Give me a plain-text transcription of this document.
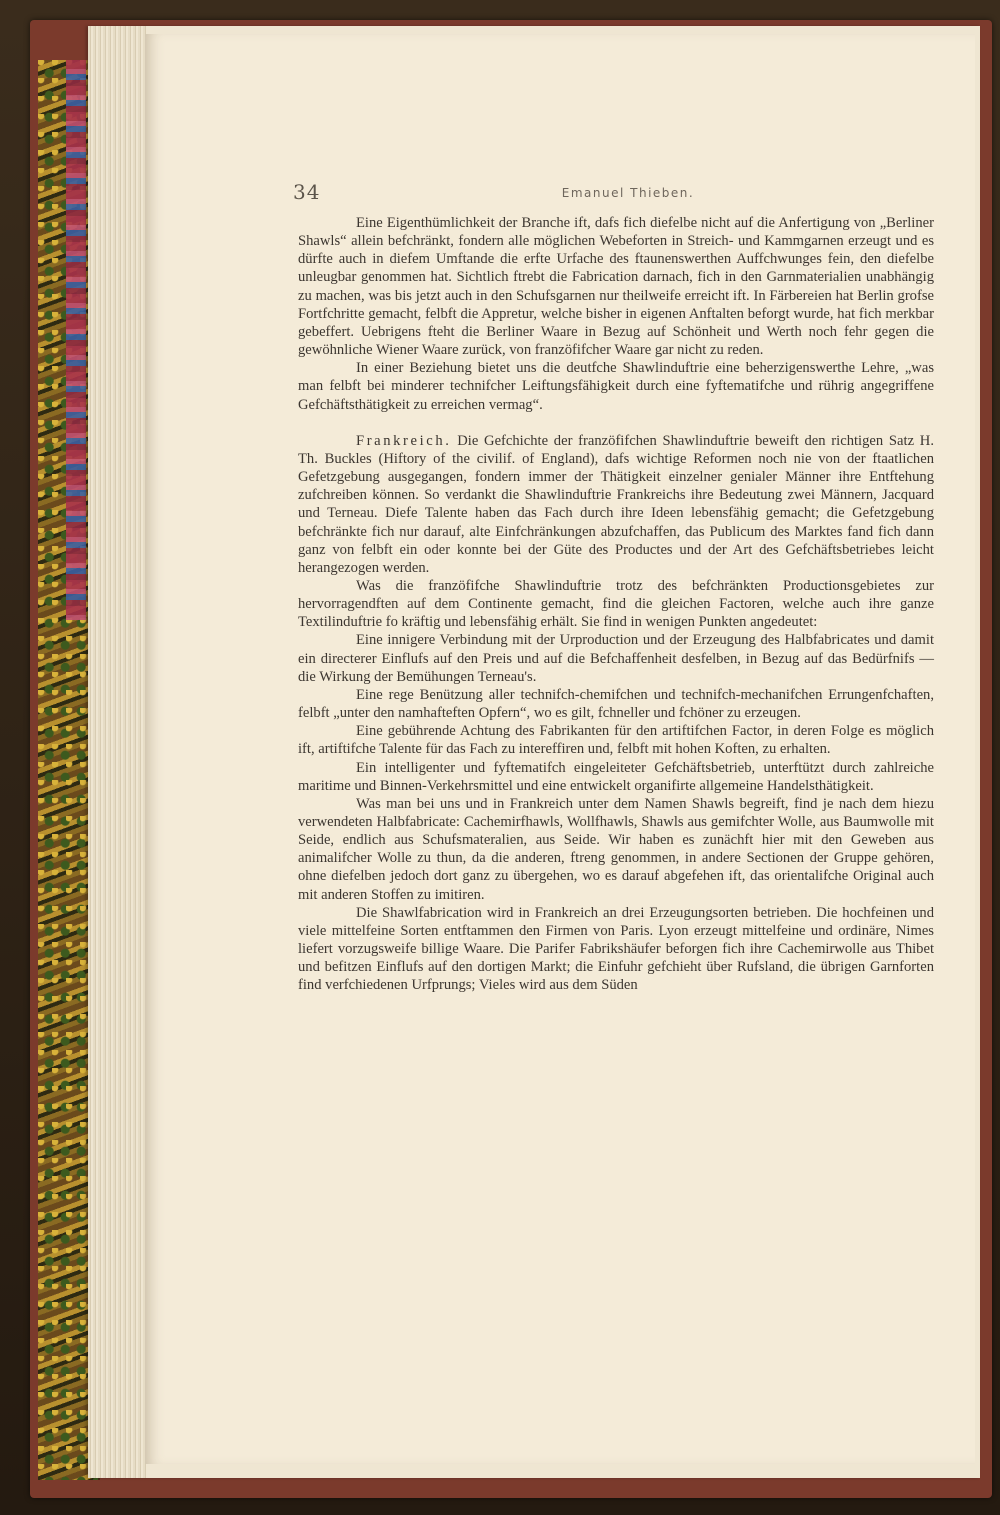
34	Emanuel Thieben.

Eine Eigenthümlichkeit der Branche ift, dafs fich diefelbe nicht auf die Anfertigung von „Berliner Shawls“ allein befchränkt, fondern alle möglichen Webeforten in Streich- und Kammgarnen erzeugt und es dürfte auch in diefem Umftande die erfte Urfache des ftaunenswerthen Auffchwunges fein, den diefelbe unleugbar genommen hat. Sichtlich ftrebt die Fabrication darnach, fich in den Garnmaterialien unabhängig zu machen, was bis jetzt auch in den Schufsgarnen nur theilweife erreicht ift. In Färbereien hat Berlin grofse Fortfchritte gemacht, felbft die Appretur, welche bisher in eigenen Anftalten beforgt wurde, hat fich merkbar gebeffert. Uebrigens fteht die Berliner Waare in Bezug auf Schönheit und Werth noch fehr gegen die gewöhnliche Wiener Waare zurück, von franzöfifcher Waare gar nicht zu reden.

In einer Beziehung bietet uns die deutfche Shawlinduftrie eine beherzigenswerthe Lehre, „was man felbft bei minderer technifcher Leiftungsfähigkeit durch eine fyftematifche und rührig angegriffene Gefchäftsthätigkeit zu erreichen vermag“.

Frankreich. Die Gefchichte der franzöfifchen Shawlinduftrie beweift den richtigen Satz H. Th. Buckles (Hiftory of the civilif. of England), dafs wichtige Reformen noch nie von der ftaatlichen Gefetzgebung ausgegangen, fondern immer der Thätigkeit einzelner genialer Männer ihre Entftehung zufchreiben können. So verdankt die Shawlinduftrie Frankreichs ihre Bedeutung zwei Männern, Jacquard und Terneau. Diefe Talente haben das Fach durch ihre Ideen lebensfähig gemacht; die Gefetzgebung befchränkte fich nur darauf, alte Einfchränkungen abzufchaffen, das Publicum des Marktes fand fich dann ganz von felbft ein oder konnte bei der Güte des Productes und der Art des Gefchäftsbetriebes leicht herangezogen werden.

Was die franzöfifche Shawlinduftrie trotz des befchränkten Productionsgebietes zur hervorragendften auf dem Continente gemacht, find die gleichen Factoren, welche auch ihre ganze Textilinduftrie fo kräftig und lebensfähig erhält. Sie find in wenigen Punkten angedeutet:

Eine innigere Verbindung mit der Urproduction und der Erzeugung des Halbfabricates und damit ein directerer Einflufs auf den Preis und auf die Befchaffenheit desfelben, in Bezug auf das Bedürfnifs — die Wirkung der Bemühungen Terneau's.

Eine rege Benützung aller technifch-chemifchen und technifch-mechanifchen Errungenfchaften, felbft „unter den namhafteften Opfern“, wo es gilt, fchneller und fchöner zu erzeugen.

Eine gebührende Achtung des Fabrikanten für den artiftifchen Factor, in deren Folge es möglich ift, artiftifche Talente für das Fach zu intereffiren und, felbft mit hohen Koften, zu erhalten.

Ein intelligenter und fyftematifch eingeleiteter Gefchäftsbetrieb, unterftützt durch zahlreiche maritime und Binnen-Verkehrsmittel und eine entwickelt organifirte allgemeine Handelsthätigkeit.

Was man bei uns und in Frankreich unter dem Namen Shawls begreift, find je nach dem hiezu verwendeten Halbfabricate: Cachemirfhawls, Wollfhawls, Shawls aus gemifchter Wolle, aus Baumwolle mit Seide, endlich aus Schufsmateralien, aus Seide. Wir haben es zunächft hier mit den Geweben aus animalifcher Wolle zu thun, da die anderen, ftreng genommen, in andere Sectionen der Gruppe gehören, ohne diefelben jedoch dort ganz zu übergehen, wo es darauf abgefehen ift, das orientalifche Original auch mit anderen Stoffen zu imitiren.

Die Shawlfabrication wird in Frankreich an drei Erzeugungsorten betrieben. Die hochfeinen und viele mittelfeine Sorten entftammen den Firmen von Paris. Lyon erzeugt mittelfeine und ordinäre, Nimes liefert vorzugsweife billige Waare. Die Parifer Fabrikshäufer beforgen fich ihre Cachemirwolle aus Thibet und befitzen Einflufs auf den dortigen Markt; die Einfuhr gefchieht über Rufsland, die übrigen Garnforten find verfchiedenen Urfprungs; Vieles wird aus dem Süden
